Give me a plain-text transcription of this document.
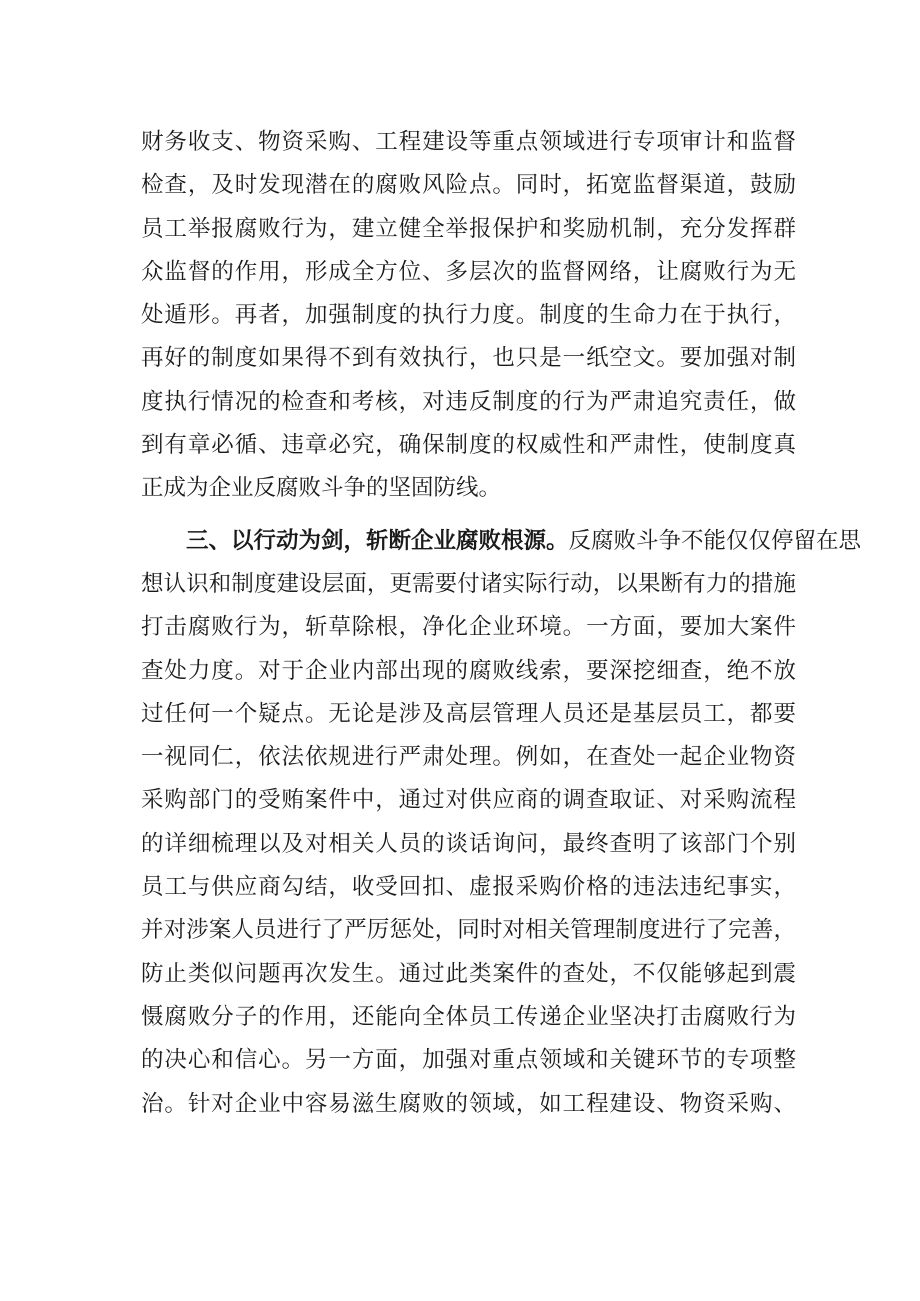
财务收支、物资采购、工程建设等重点领域进行专项审计和监督
检查，及时发现潜在的腐败风险点。同时，拓宽监督渠道，鼓励
员工举报腐败行为，建立健全举报保护和奖励机制，充分发挥群
众监督的作用，形成全方位、多层次的监督网络，让腐败行为无
处遁形。再者，加强制度的执行力度。制度的生命力在于执行，
再好的制度如果得不到有效执行，也只是一纸空文。要加强对制
度执行情况的检查和考核，对违反制度的行为严肃追究责任，做
到有章必循、违章必究，确保制度的权威性和严肃性，使制度真
正成为企业反腐败斗争的坚固防线。
三、以行动为剑，斩断企业腐败根源。反腐败斗争不能仅仅停留在思
想认识和制度建设层面，更需要付诸实际行动，以果断有力的措施
打击腐败行为，斩草除根，净化企业环境。一方面，要加大案件
查处力度。对于企业内部出现的腐败线索，要深挖细查，绝不放
过任何一个疑点。无论是涉及高层管理人员还是基层员工，都要
一视同仁，依法依规进行严肃处理。例如，在查处一起企业物资
采购部门的受贿案件中，通过对供应商的调查取证、对采购流程
的详细梳理以及对相关人员的谈话询问，最终查明了该部门个别
员工与供应商勾结，收受回扣、虚报采购价格的违法违纪事实，
并对涉案人员进行了严厉惩处，同时对相关管理制度进行了完善，
防止类似问题再次发生。通过此类案件的查处，不仅能够起到震
慑腐败分子的作用，还能向全体员工传递企业坚决打击腐败行为
的决心和信心。另一方面，加强对重点领域和关键环节的专项整
治。针对企业中容易滋生腐败的领域，如工程建设、物资采购、
